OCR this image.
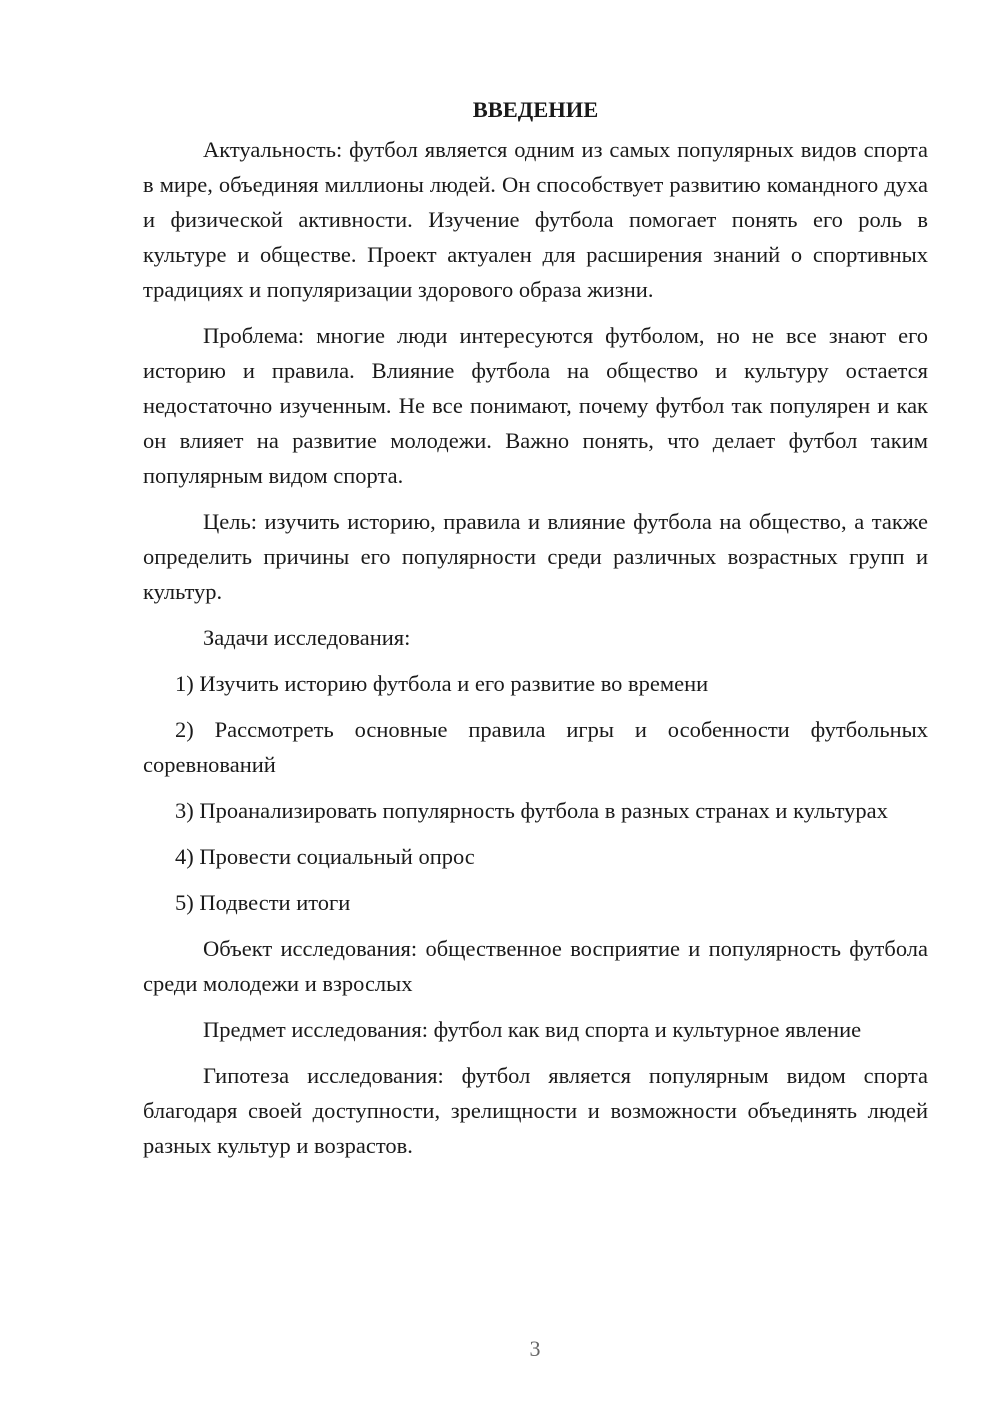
ВВЕДЕНИЕ

Актуальность: футбол является одним из самых популярных видов спорта в мире, объединяя миллионы людей. Он способствует развитию командного духа и физической активности. Изучение футбола помогает понять его роль в культуре и обществе. Проект актуален для расширения знаний о спортивных традициях и популяризации здорового образа жизни.

Проблема: многие люди интересуются футболом, но не все знают его историю и правила. Влияние футбола на общество и культуру остается недостаточно изученным. Не все понимают, почему футбол так популярен и как он влияет на развитие молодежи. Важно понять, что делает футбол таким популярным видом спорта.

Цель: изучить историю, правила и влияние футбола на общество, а также определить причины его популярности среди различных возрастных групп и культур.

Задачи исследования:

1) Изучить историю футбола и его развитие во времени

2) Рассмотреть основные правила игры и особенности футбольных соревнований

3) Проанализировать популярность футбола в разных странах и культурах

4) Провести социальный опрос

5) Подвести итоги

Объект исследования: общественное восприятие и популярность футбола среди молодежи и взрослых

Предмет исследования: футбол как вид спорта и культурное явление

Гипотеза исследования: футбол является популярным видом спорта благодаря своей доступности, зрелищности и возможности объединять людей разных культур и возрастов.

3
